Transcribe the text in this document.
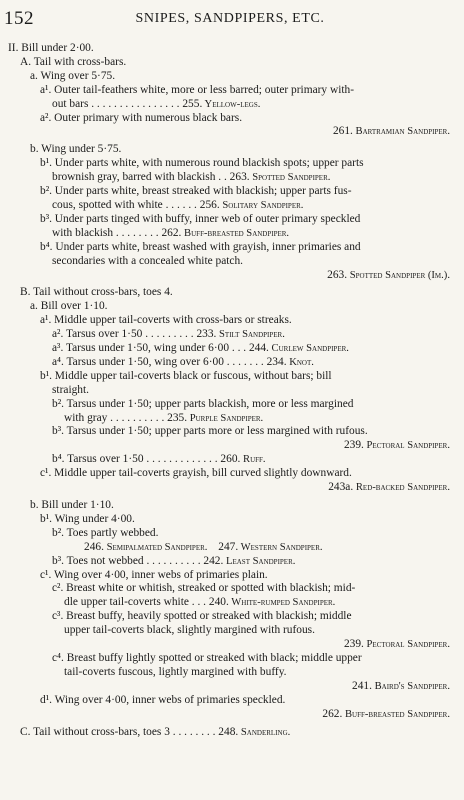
152	SNIPES, SANDPIPERS, ETC.
II. Bill under 2·00.
A. Tail with cross-bars.
a. Wing over 5·75.
a¹. Outer tail-feathers white, more or less barred; outer primary with-
out bars . . . . . . . . . . . . . . . . 255. Yellow-legs.
a². Outer primary with numerous black bars.
261. Bartramian Sandpiper.
b. Wing under 5·75.
b¹. Under parts white, with numerous round blackish spots; upper parts
brownish gray, barred with blackish . . 263. Spotted Sandpiper.
b². Under parts white, breast streaked with blackish; upper parts fus-
cous, spotted with white . . . . . . 256. Solitary Sandpiper.
b³. Under parts tinged with buffy, inner web of outer primary speckled
with blackish . . . . . . . . 262. Buff-breasted Sandpiper.
b⁴. Under parts white, breast washed with grayish, inner primaries and
secondaries with a concealed white patch.
263. Spotted Sandpiper (Im.).
B. Tail without cross-bars, toes 4.
a. Bill over 1·10.
a¹. Middle upper tail-coverts with cross-bars or streaks.
a². Tarsus over 1·50 . . . . . . . . . 233. Stilt Sandpiper.
a³. Tarsus under 1·50, wing under 6·00 . . . 244. Curlew Sandpiper.
a⁴. Tarsus under 1·50, wing over 6·00 . . . . . . . 234. Knot.
b¹. Middle upper tail-coverts black or fuscous, without bars; bill
straight.
b². Tarsus under 1·50; upper parts blackish, more or less margined
with gray . . . . . . . . . . 235. Purple Sandpiper.
b³. Tarsus under 1·50; upper parts more or less margined with rufous.
239. Pectoral Sandpiper.
b⁴. Tarsus over 1·50 . . . . . . . . . . . . . 260. Ruff.
c¹. Middle upper tail-coverts grayish, bill curved slightly downward.
243a. Red-backed Sandpiper.
b. Bill under 1·10.
b¹. Wing under 4·00.
b². Toes partly webbed.
246. Semipalmated Sandpiper. 247. Western Sandpiper.
b³. Toes not webbed . . . . . . . . . . 242. Least Sandpiper.
c¹. Wing over 4·00, inner webs of primaries plain.
c². Breast white or whitish, streaked or spotted with blackish; mid-
dle upper tail-coverts white . . . 240. White-rumped Sandpiper.
c³. Breast buffy, heavily spotted or streaked with blackish; middle
upper tail-coverts black, slightly margined with rufous.
239. Pectoral Sandpiper.
c⁴. Breast buffy lightly spotted or streaked with black; middle upper
tail-coverts fuscous, lightly margined with buffy.
241. Baird's Sandpiper.
d¹. Wing over 4·00, inner webs of primaries speckled.
262. Buff-breasted Sandpiper.
C. Tail without cross-bars, toes 3 . . . . . . . . 248. Sanderling.
